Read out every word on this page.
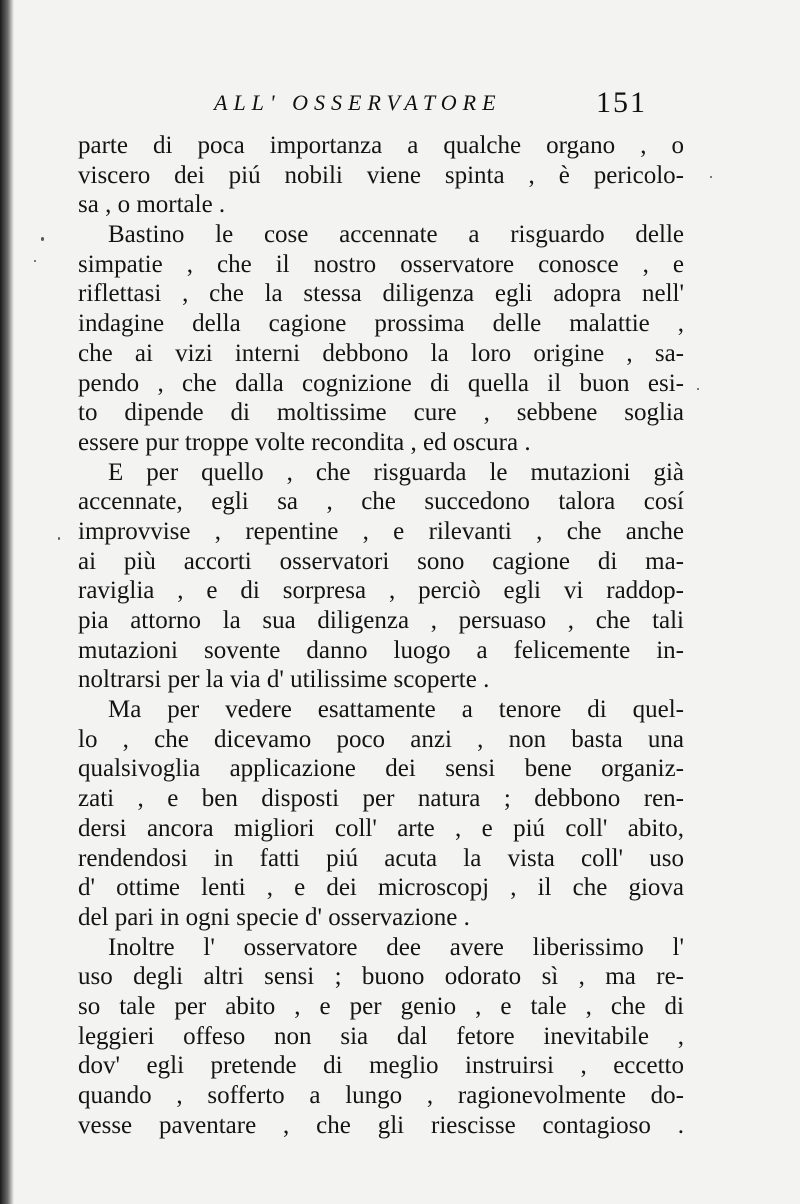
ALL' OSSERVATORE	151
parte di poca importanza a qualche organo , o
viscero dei piú nobili viene spinta , è pericolo-
sa , o mortale .
Bastino le cose accennate a risguardo delle
simpatie , che il nostro osservatore conosce , e
riflettasi , che la stessa diligenza egli adopra nell'
indagine della cagione prossima delle malattie ,
che ai vizi interni debbono la loro origine , sa-
pendo , che dalla cognizione di quella il buon esi-
to dipende di moltissime cure , sebbene soglia
essere pur troppe volte recondita , ed oscura .
E per quello , che risguarda le mutazioni già
accennate, egli sa , che succedono talora cosí
improvvise , repentine , e rilevanti , che anche
ai più accorti osservatori sono cagione di ma-
raviglia , e di sorpresa , perciò egli vi raddop-
pia attorno la sua diligenza , persuaso , che tali
mutazioni sovente danno luogo a felicemente in-
noltrarsi per la via d' utilissime scoperte .
Ma per vedere esattamente a tenore di quel-
lo , che dicevamo poco anzi , non basta una
qualsivoglia applicazione dei sensi bene organiz-
zati , e ben disposti per natura ; debbono ren-
dersi ancora migliori coll' arte , e piú coll' abito,
rendendosi in fatti piú acuta la vista coll' uso
d' ottime lenti , e dei microscopj , il che giova
del pari in ogni specie d' osservazione .
Inoltre l' osservatore dee avere liberissimo l'
uso degli altri sensi ; buono odorato sì , ma re-
so tale per abito , e per genio , e tale , che di
leggieri offeso non sia dal fetore inevitabile ,
dov' egli pretende di meglio instruirsi , eccetto
quando , sofferto a lungo , ragionevolmente do-
vesse paventare , che gli riescisse contagioso .
